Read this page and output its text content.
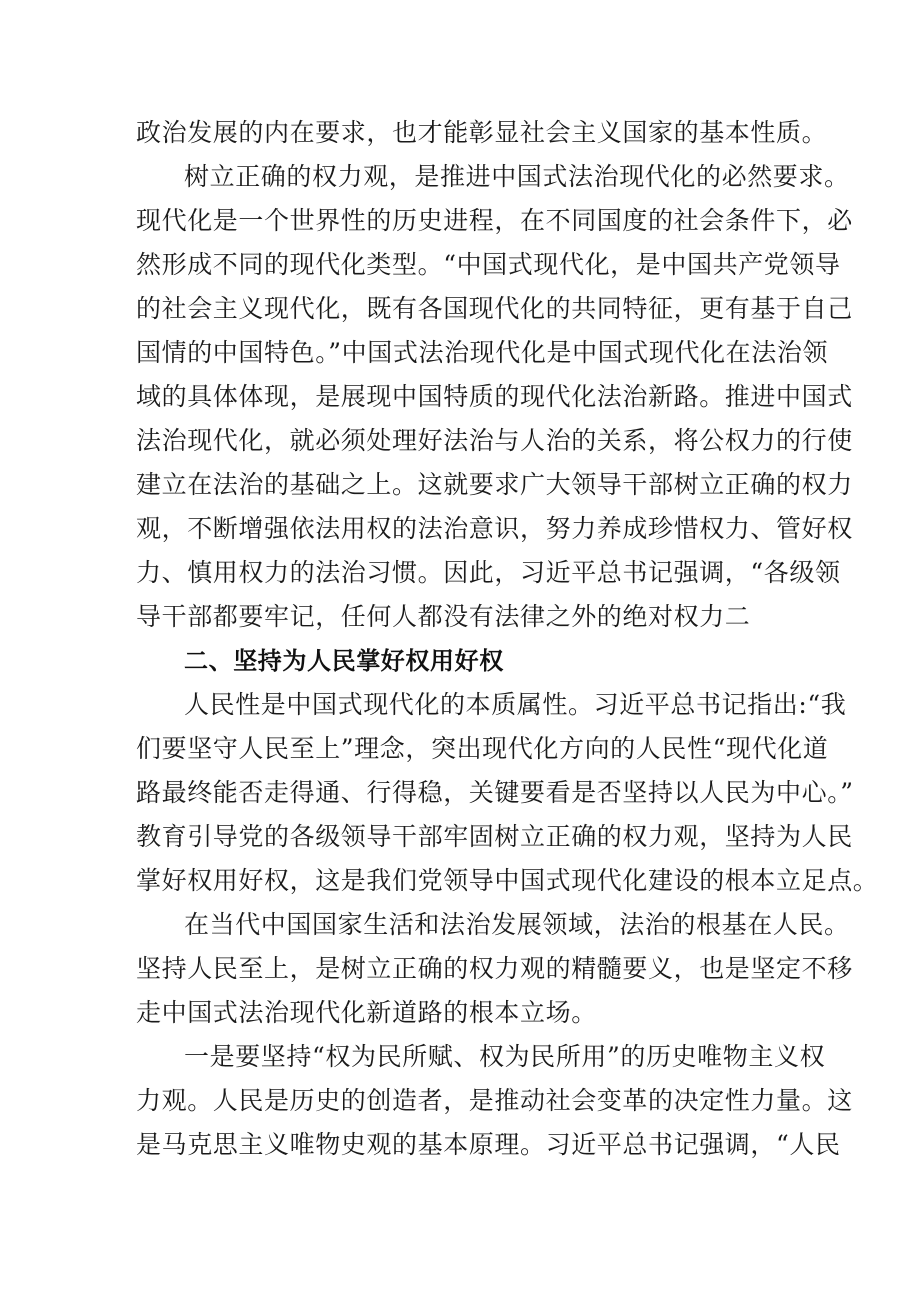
政治发展的内在要求，也才能彰显社会主义国家的基本性质。
树立正确的权力观，是推进中国式法治现代化的必然要求。
现代化是一个世界性的历史进程，在不同国度的社会条件下，必
然形成不同的现代化类型。“中国式现代化，是中国共产党领导
的社会主义现代化，既有各国现代化的共同特征，更有基于自己
国情的中国特色。”中国式法治现代化是中国式现代化在法治领
域的具体体现，是展现中国特质的现代化法治新路。推进中国式
法治现代化，就必须处理好法治与人治的关系，将公权力的行使
建立在法治的基础之上。这就要求广大领导干部树立正确的权力
观，不断增强依法用权的法治意识，努力养成珍惜权力、管好权
力、慎用权力的法治习惯。因此，习近平总书记强调，“各级领
导干部都要牢记，任何人都没有法律之外的绝对权力二
二、坚持为人民掌好权用好权
人民性是中国式现代化的本质属性。习近平总书记指出:“我
们要坚守人民至上”理念，突出现代化方向的人民性“现代化道
路最终能否走得通、行得稳，关键要看是否坚持以人民为中心。”
教育引导党的各级领导干部牢固树立正确的权力观，坚持为人民
掌好权用好权，这是我们党领导中国式现代化建设的根本立足点。
在当代中国国家生活和法治发展领域，法治的根基在人民。
坚持人民至上，是树立正确的权力观的精髓要义，也是坚定不移
走中国式法治现代化新道路的根本立场。
一是要坚持“权为民所赋、权为民所用”的历史唯物主义权
力观。人民是历史的创造者，是推动社会变革的决定性力量。这
是马克思主义唯物史观的基本原理。习近平总书记强调，“人民
